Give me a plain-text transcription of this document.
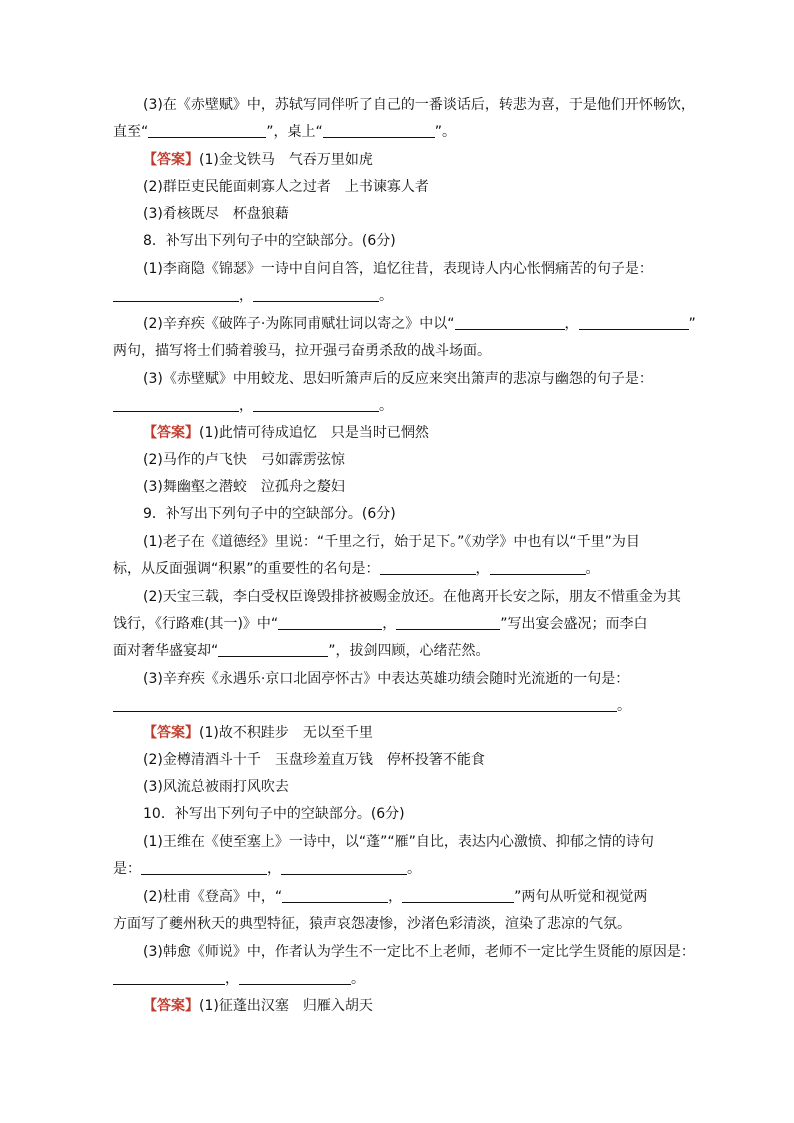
(3)在《赤壁赋》中，苏轼写同伴听了自己的一番谈话后，转悲为喜，于是他们开怀畅饮，
直至“	”，桌上“	”。
【答案】(1)金戈铁马　气吞万里如虎
(2)群臣吏民能面刺寡人之过者　上书谏寡人者
(3)肴核既尽　杯盘狼藉
8．补写出下列句子中的空缺部分。(6分)
(1)李商隐《锦瑟》一诗中自问自答，追忆往昔，表现诗人内心怅惘痛苦的句子是：
，	。
(2)辛弃疾《破阵子·为陈同甫赋壮词以寄之》中以“	，	”
两句，描写将士们骑着骏马，拉开强弓奋勇杀敌的战斗场面。
(3)《赤壁赋》中用蛟龙、思妇听箫声后的反应来突出箫声的悲凉与幽怨的句子是：
，	。
【答案】(1)此情可待成追忆　只是当时已惘然
(2)马作的卢飞快　弓如霹雳弦惊
(3)舞幽壑之潜蛟　泣孤舟之嫠妇
9．补写出下列句子中的空缺部分。(6分)
(1)老子在《道德经》里说：“千里之行，始于足下。”《劝学》中也有以“千里”为目
标，从反面强调“积累”的重要性的名句是：	，	。
(2)天宝三载，李白受权臣谗毁排挤被赐金放还。在他离开长安之际，朋友不惜重金为其
饯行，《行路难(其一)》中“	，	”写出宴会盛况；而李白
面对奢华盛宴却“	”，拔剑四顾，心绪茫然。
(3)辛弃疾《永遇乐·京口北固亭怀古》中表达英雄功绩会随时光流逝的一句是：
。
【答案】(1)故不积跬步　无以至千里
(2)金樽清酒斗十千　玉盘珍羞直万钱　停杯投箸不能食
(3)风流总被雨打风吹去
10．补写出下列句子中的空缺部分。(6分)
(1)王维在《使至塞上》一诗中，以“蓬”“雁”自比，表达内心激愤、抑郁之情的诗句
是：	，	。
(2)杜甫《登高》中，“	，	”两句从听觉和视觉两
方面写了夔州秋天的典型特征，猿声哀怨凄惨，沙渚色彩清淡，渲染了悲凉的气氛。
(3)韩愈《师说》中，作者认为学生不一定比不上老师，老师不一定比学生贤能的原因是：
，	。
【答案】(1)征蓬出汉塞　归雁入胡天
